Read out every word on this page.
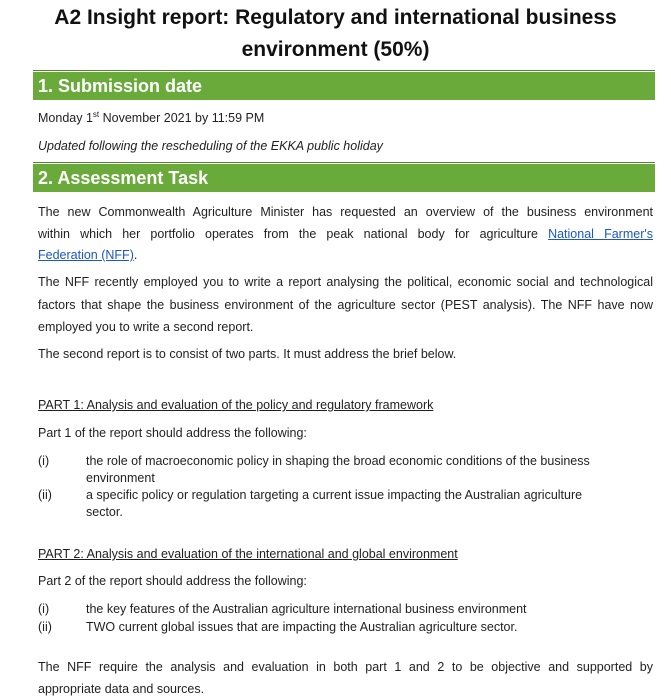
A2 Insight report: Regulatory and international business
environment (50%)
1. Submission date
Monday 1st November 2021 by 11:59 PM
Updated following the rescheduling of the EKKA public holiday
2. Assessment Task
The new Commonwealth Agriculture Minister has requested an overview of the business environment
within which her portfolio operates from the peak national body for agriculture National Farmer's
Federation (NFF).
The NFF recently employed you to write a report analysing the political, economic social and technological
factors that shape the business environment of the agriculture sector (PEST analysis). The NFF have now
employed you to write a second report.
The second report is to consist of two parts. It must address the brief below.
PART 1: Analysis and evaluation of the policy and regulatory framework
Part 1 of the report should address the following:
(i)	the role of macroeconomic policy in shaping the broad economic conditions of the business
environment
(ii)	a specific policy or regulation targeting a current issue impacting the Australian agriculture
sector.
PART 2: Analysis and evaluation of the international and global environment
Part 2 of the report should address the following:
(i)	the key features of the Australian agriculture international business environment
(ii)	TWO current global issues that are impacting the Australian agriculture sector.
The NFF require the analysis and evaluation in both part 1 and 2 to be objective and supported by
appropriate data and sources.
